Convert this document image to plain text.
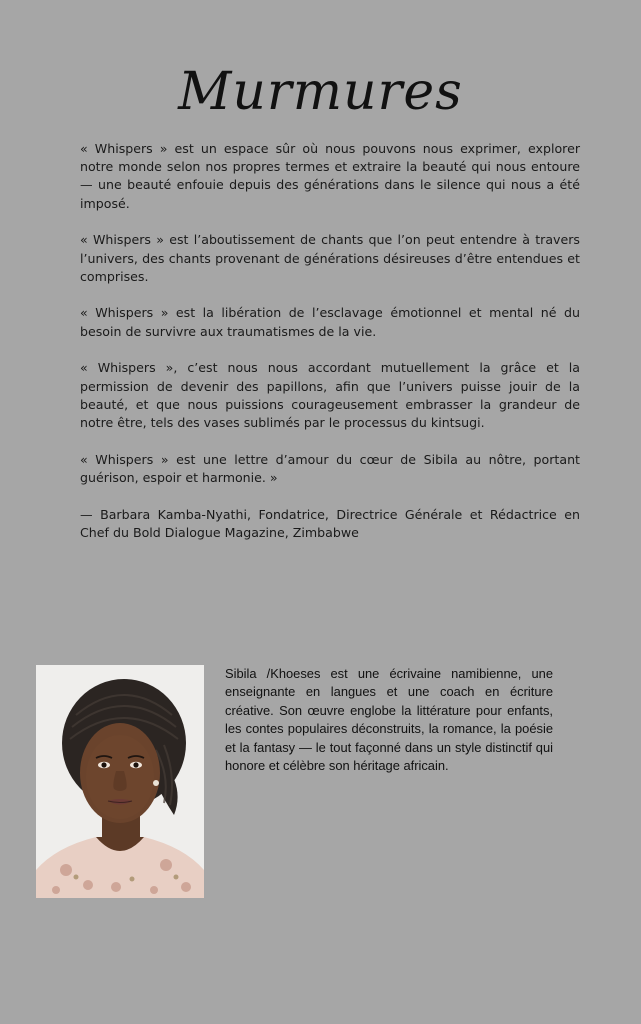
Murmures

« Whispers » est un espace sûr où nous pouvons nous exprimer, explorer notre monde selon nos propres termes et extraire la beauté qui nous entoure — une beauté enfouie depuis des générations dans le silence qui nous a été imposé.

« Whispers » est l’aboutissement de chants que l’on peut entendre à travers l’univers, des chants provenant de générations désireuses d’être entendues et comprises.

« Whispers » est la libération de l’esclavage émotionnel et mental né du besoin de survivre aux traumatismes de la vie.

« Whispers », c’est nous nous accordant mutuellement la grâce et la permission de devenir des papillons, afin que l’univers puisse jouir de la beauté, et que nous puissions courageusement embrasser la grandeur de notre être, tels des vases sublimés par le processus du kintsugi.

« Whispers » est une lettre d’amour du cœur de Sibila au nôtre, portant guérison, espoir et harmonie. »

— Barbara Kamba-Nyathi, Fondatrice, Directrice Générale et Rédactrice en Chef du Bold Dialogue Magazine, Zimbabwe

Sibila /Khoeses est une écrivaine namibienne, une enseignante en langues et une coach en écriture créative. Son œuvre englobe la littérature pour enfants, les contes populaires déconstruits, la romance, la poésie et la fantasy — le tout façonné dans un style distinctif qui honore et célèbre son héritage africain.
